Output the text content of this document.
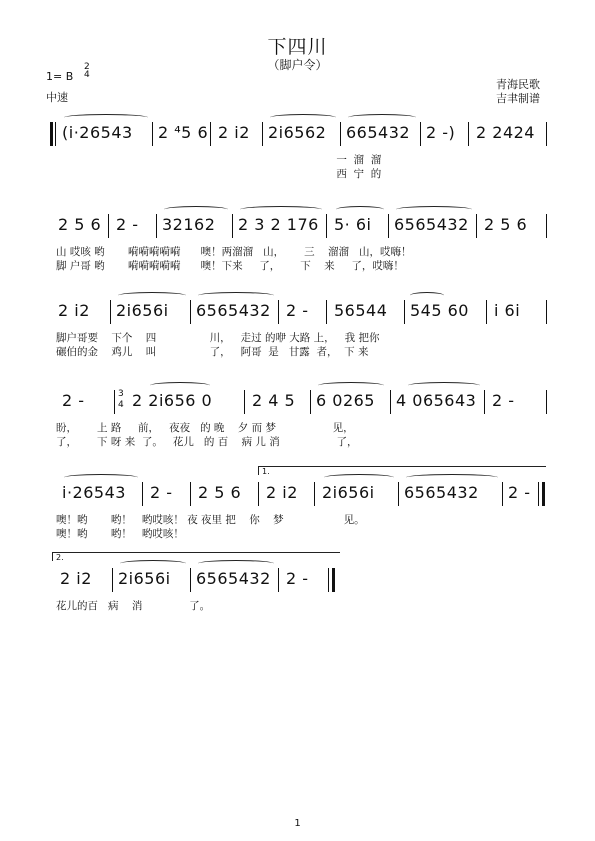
下四川
（脚户令）
1= B
2
4
中速
青海民歌
吉聿制谱
(i·26543 2 ⁴5 6 2 i2 2i6562 665432 2 -) 2 2424
一  溜  溜
西  宁  的
2 5 6 2 - 32162 2 3 2 176 5· 6i 6565432 2 5 6
山 哎咳 哟       嗬嗬嗬嗬嗬      噢！两溜溜   山，      三    溜溜   山，哎嗨！
脚 户哥 哟       嗬嗬嗬嗬嗬      噢！下来     了，      下    来     了，哎嗨！
2 i2 2i656i 6565432 2 - 56544 545 60 i 6i
脚户哥要    下个    四                川，   走过 的咿 大路 上，   我 把你
碾伯的金    鸡儿    叫                了，   阿哥  是   甘露  者，  下 来
2 -	3
4 2 2i656 0 2 4 5 6 0265 4 065643 2 -
盼，      上 路     前，   夜夜   的 晚    夕 而 梦                 见，
了，      下 呀 来  了。   花儿   的 百    病 儿 消                 了，
1.
i·26543 2 - 2 5 6 2 i2 2i656i 6565432 2 -
噢！哟       哟！   哟哎咳！ 夜 夜里 把    你    梦                  见。
噢！哟       哟！   哟哎咳！
2.
2 i2 2i656i 6565432 2 -
花儿的百   病    消              了。
1
